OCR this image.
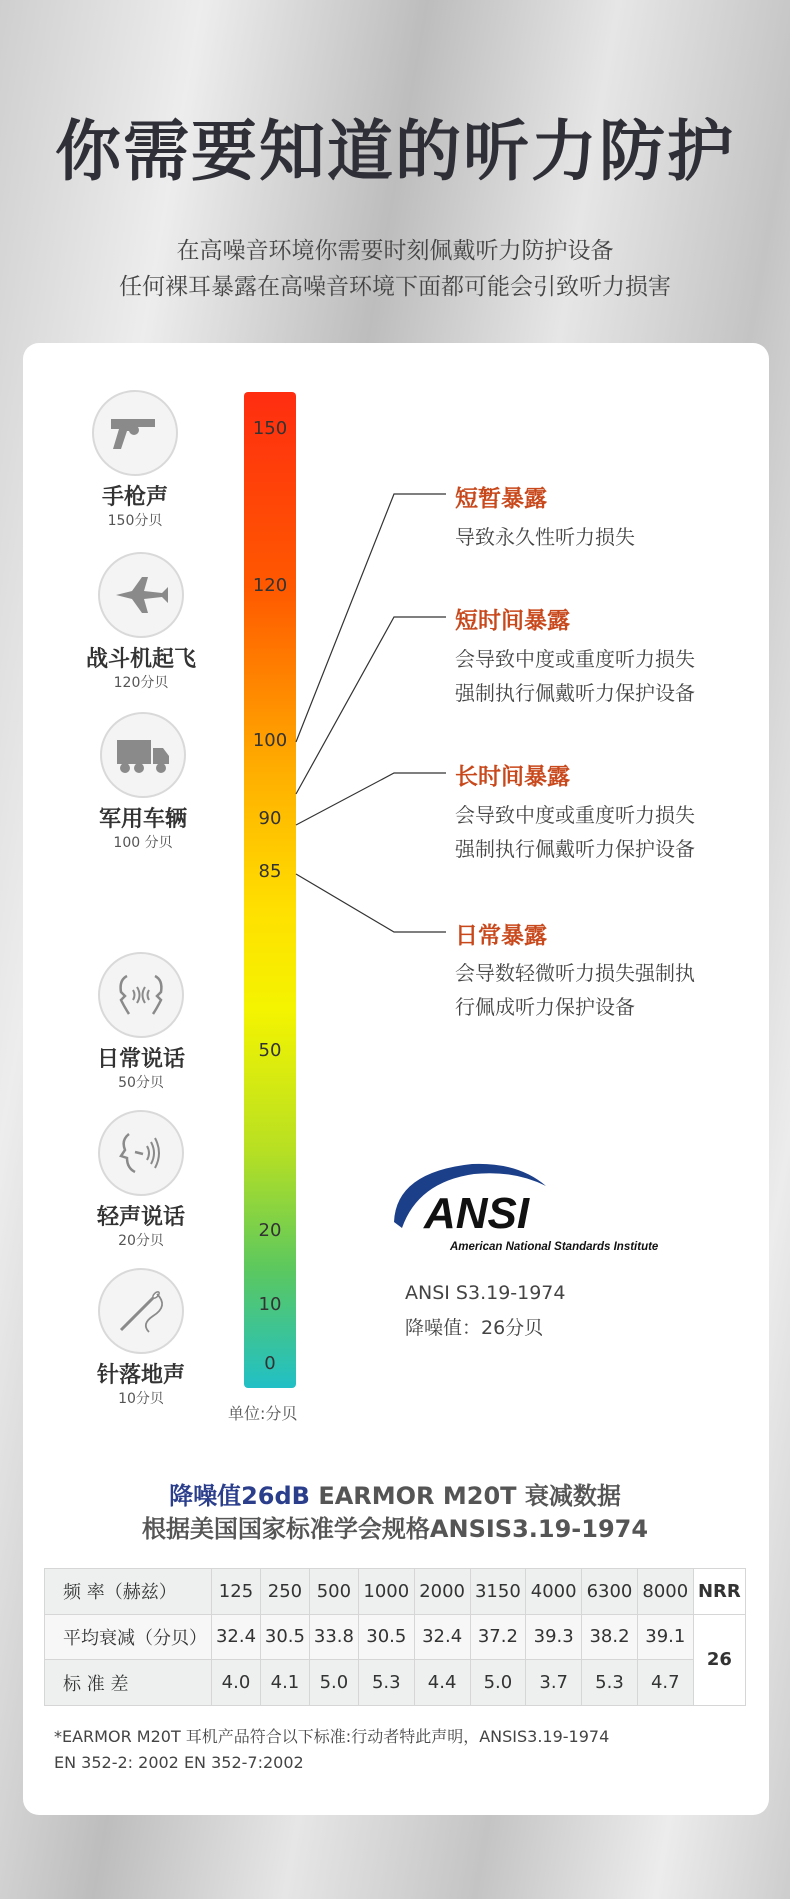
你需要知道的听力防护
在高噪音环境你需要时刻佩戴听力防护设备
任何裸耳暴露在高噪音环境下面都可能会引致听力损害
手枪声
150分贝
战斗机起飞
120分贝
军用车辆
100 分贝
日常说话
50分贝
轻声说话
20分贝
针落地声
10分贝
150
120
100
90
85
50
20
10
0
单位:分贝
短暂暴露
导致永久性听力损失
短时间暴露
会导致中度或重度听力损失
强制执行佩戴听力保护设备
长时间暴露
会导致中度或重度听力损失
强制执行佩戴听力保护设备
日常暴露
会导数轻微听力损失强制执
行佩成听力保护设备
ANSI
American National Standards Institute
ANSI S3.19-1974
降噪值：26分贝
降噪值26dB EARMOR M20T 衰减数据
根据美国国家标准学会规格ANSIS3.19-1974
频 率（赫兹）	125	250	500	1000	2000	3150	4000	6300	8000	NRR
平均衰减（分贝）	32.4	30.5	33.8	30.5	32.4	37.2	39.3	38.2	39.1	26
标 准 差	4.0	4.1	5.0	5.3	4.4	5.0	3.7	5.3	4.7	
*EARMOR M20T 耳机产品符合以下标准:行动者特此声明，ANSIS3.19-1974
EN 352-2: 2002 EN 352-7:2002
